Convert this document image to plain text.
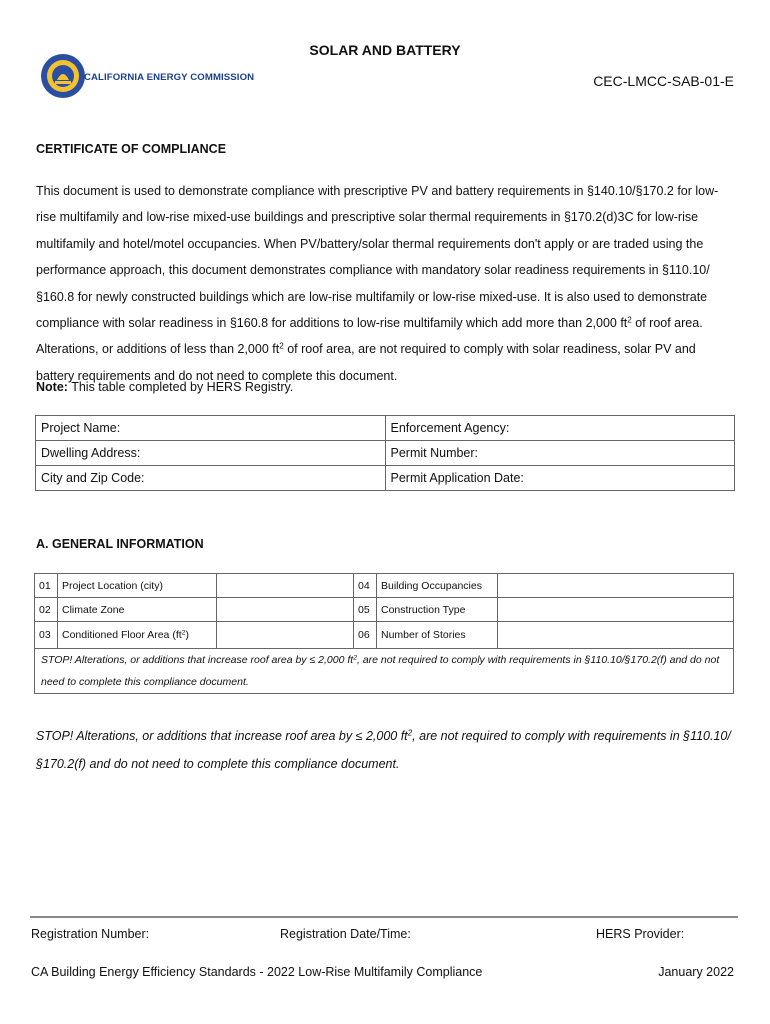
CALIFORNIA ENERGY COMMISSION
SOLAR AND BATTERY
CEC-LMCC-SAB-01-E
CERTIFICATE OF COMPLIANCE

This document is used to demonstrate compliance with prescriptive PV and battery requirements in §140.10/§170.2 for low-rise multifamily and low-rise mixed-use buildings and prescriptive solar thermal requirements in §170.2(d)3C for low-rise multifamily and hotel/motel occupancies. When PV/battery/solar thermal requirements don't apply or are traded using the performance approach, this document demonstrates compliance with mandatory solar readiness requirements in §110.10/ §160.8 for newly constructed buildings which are low-rise multifamily or low-rise mixed-use. It is also used to demonstrate compliance with solar readiness in §160.8 for additions to low-rise multifamily which add more than 2,000 $ft^2$ of roof area. Alterations, or additions of less than 2,000 $ft^2$ of roof area, are not required to comply with solar readiness, solar PV and battery requirements and do not need to complete this document.

Note: This table completed by HERS Registry.
Project Name:	Enforcement Agency:
Dwelling Address:	Permit Number:
City and Zip Code:	Permit Application Date:
A. GENERAL INFORMATION
01	Project Location (city)		04	Building Occupancies	
02	Climate Zone		05	Construction Type	
03	Conditioned Floor Area $(ft^2)$		06	Number of Stories	
STOP! Alterations, or additions that increase roof area by ≤ 2,000 $ft^2$, are not required to comply with requirements in §110.10/§170.2(f) and do not need to complete this compliance document.					
STOP! Alterations, or additions that increase roof area by ≤ 2,000 $ft^2$, are not required to comply with requirements in §110.10/§170.2(f) and do not need to complete this compliance document.
Registration Number:	Registration Date/Time:	HERS Provider:
CA Building Energy Efficiency Standards - 2022 Low-Rise Multifamily Compliance	January 2022
